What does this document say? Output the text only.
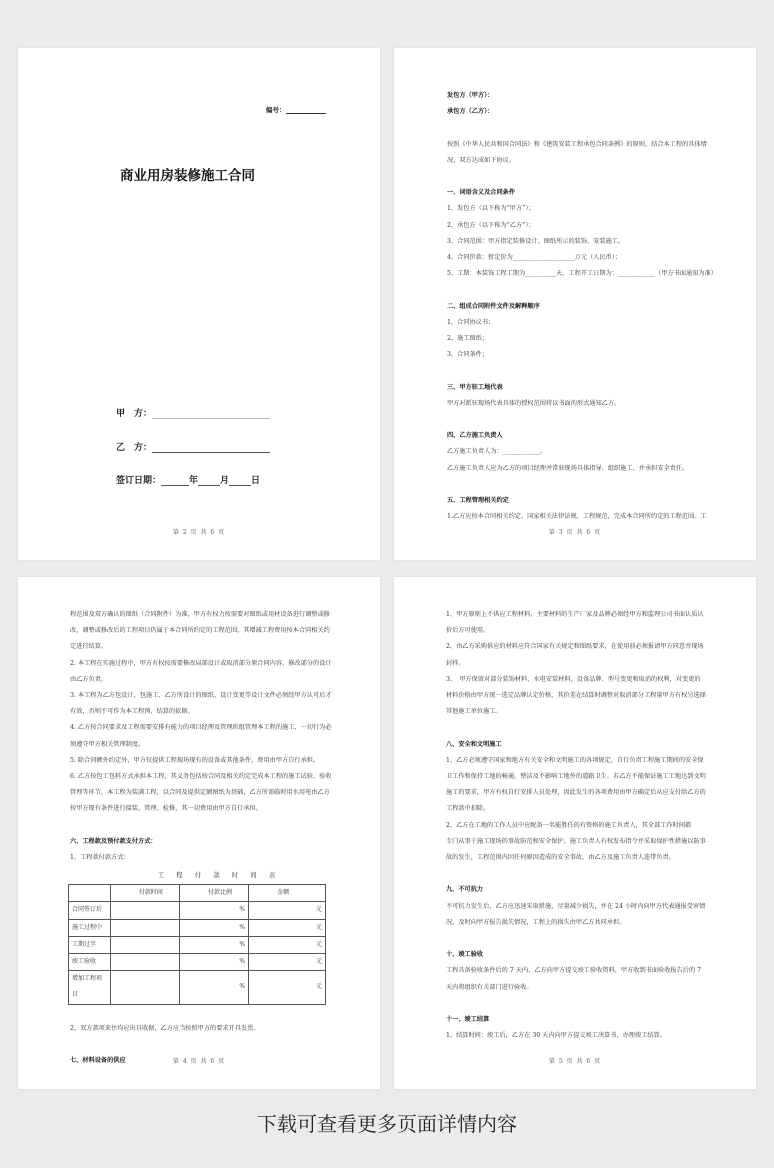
编号：
商业用房装修施工合同
甲　方：
乙　方：
签订日期：	年 月 日
第 2 页 共 6 页

发包方（甲方）：

承包方（乙方）：

按照《中华人民共和国合同法》和《建筑安装工程承包合同条例》的原则，结合本工程的具体情

况，双方达成如下协议。

一、词语含义及合同条件

1、发包方（以下称为“甲方”）；

2、承包方（以下称为“乙方”）；

3、合同范围：甲方指定装修设计、图纸所示的装饰、安装施工。

4、合同价款：暂定价为____________________万元（人民币）；

5、工期：本装饰工程工期为__________天，工程开工日期为：____________（甲方书面通知为准）

二、组成合同附件文件及解释顺序

1、合同协议书；

2、施工图纸；

3、合同条件；

三、甲方驻工地代表

甲方对派驻现场代表具体的授权范围将以书面的形式通知乙方。

四、乙方施工负责人

乙方施工负责人为：____________。

乙方施工负责人应为乙方的项目经理并常驻现场具体指导、组织施工、并承担安全责任。

五、工程管理相关约定

1.乙方应按本合同相关约定、国家相关法律法规、工程规范，完成本合同所约定的工程范围。工

第 3 页 共 6 页

程范围及双方确认的图纸（合同附件）为准，甲方有权力按需要对图纸或用材设备进行调整或修

改，调整或修改后的工程项目仍属于本合同所约定的工程范围，其增减工程费用按本合同相关约

定进行结算。

2. 本工程在实施过程中，甲方有权按需要修改局部设计或取消部分原合同内容，修改部分的设计

由乙方负责。

3. 本工程为乙方包设计、包施工，乙方所设计的图纸、设计变更等设计文件必须经甲方认可后才

有效，否则不可作为本工程预、结算的依据。

4. 乙方按合同要求及工程需要安排有能力的项目经理及管理班组管理本工程的施工，一切行为必

须遵守甲方相关管理制度。

5. 除合同额外约定外，甲方仅提供工程现场现有的设备或其他条件，费用由甲方自行承担。

6. 乙方按包工包料方式承担本工程，其义务包括按合同及相关约定完成本工程的施工试验、验收

管理等环节，本工程为装满工程，以合同及提供定额图纸为基础，乙方所需临时用水用电由乙方

按甲方现有条件进行接装、管理、检修，其一切费用由甲方自行承担。

六、工程款及预付款支付方式：

1、工程款付款方式：

工程付款时间表
	付款时间	付款比例	金额
合同签订后		%	元
施工过程中		%	元
工期过半		%	元
竣工验收		%	元
增加工程项目		%	元

2、双方款项来往均应出具收据，乙方应当按照甲方的要求开具发票。

七、材料设备的供应	第 4 页 共 6 页

1、甲方原则上不供应工程材料，主要材料的生产厂家及品牌必须经甲方和监理公司书面认质认

价后方可使用。

2、由乙方采购供应的材料应符合国家有关规定和图纸要求，在使用前必须报请甲方同意并现场

封样。

3、　甲方保留对部分装饰材料、水电安装材料、设备品牌、型号变更和取消的权利，对变更的

材料价格由甲方统一选定品牌认定价格，其价差在结算时调整对取消部分工程量甲方有权另选择

其他施工单位施工。

八、安全和文明施工

1、乙方必须遵守国家和地方有关安全和文明施工的各项规定，自行负责工程施工期间的安全保

卫工作和保持工地的畅通、整洁及不影响工地外的道路卫生。若乙方不能保证施工工地达到文明

施工的要求，甲方有权自行安排人员处理，因此发生的各项费用由甲方确定后从应支付给乙方的

工程款中扣除。

2、乙方在工地的工作人员中应配备一名能胜任的有资格的施工负责人，其全部工作时间都

专门从事于施工现场的事故防范和安全保护。施工负责人有权发布指令并采取保护性措施以防事

故的发生，工程范围内因任何原因造成的安全事故，由乙方及施工负责人连带负责。

九、不可抗力

不可抗力发生后，乙方应迅速采取措施，尽量减少损失，并在 24 小时内向甲方代表通报受害情

况，及时向甲方报告损失情况，工程上的损失由甲乙方共同承担。

十、竣工验收

工程具备验收条件后的 7 天内，乙方向甲方提交竣工验收资料，甲方收到书面验收报告后的 7

天内将组织有关部门进行验收。

十一、竣工结算

1、结算时间：竣工后，乙方在 30 天内向甲方提交竣工决算书，办理竣工结算。

第 5 页 共 6 页
下载可查看更多页面详情内容
